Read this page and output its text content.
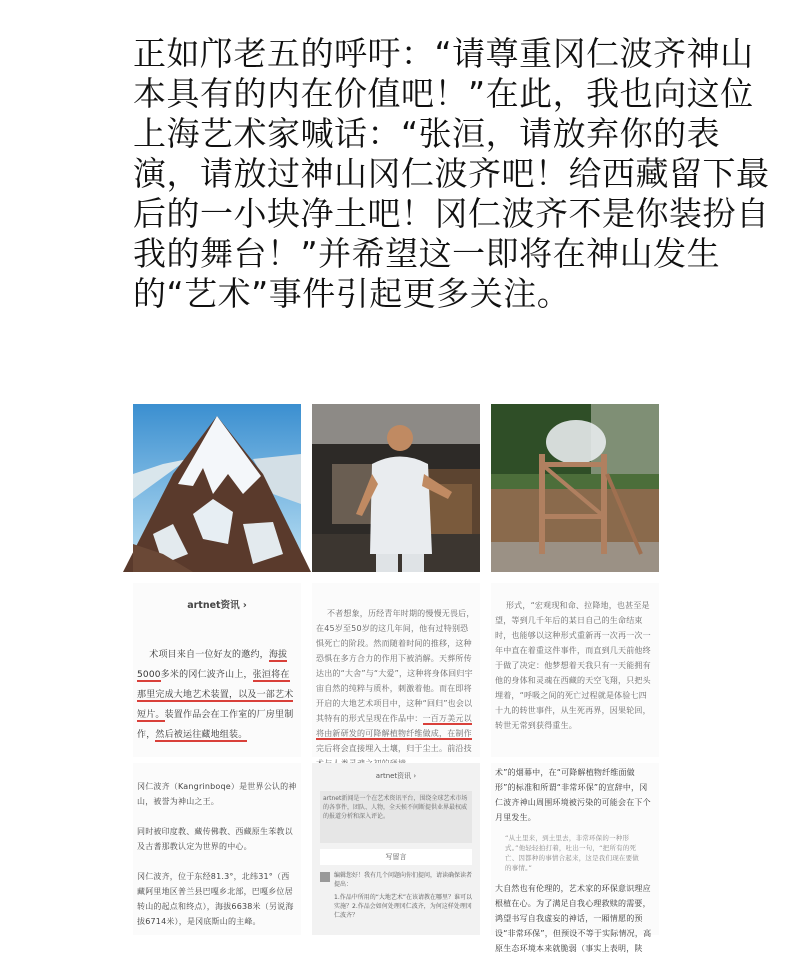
正如邝老五的呼吁：“请尊重冈仁波齐神山本具有的内在价值吧！”在此，我也向这位上海艺术家喊话：“张洹，请放弃你的表演，请放过神山冈仁波齐吧！给西藏留下最后的一小块净土吧！冈仁波齐不是你装扮自我的舞台！”并希望这一即将在神山发生的“艺术”事件引起更多关注。

artnet资讯 ›

术项目来自一位好友的邀约，海拔5000多米的冈仁波齐山上，张洹将在那里完成大地艺术装置，以及一部艺术短片。装置作品会在工作室的厂房里制作，然后被运往藏地组装。

不者想象，历经青年时期的慢慢无畏后，在45岁至50岁的这几年间，他有过特别恐惧死亡的阶段。然而随着时间的推移，这种恐惧在多方合力的作用下被消解。天葬所传达出的“大舍”与“大爱”，这种将身体回归宇宙自然的纯粹与质朴，刺激着他。而在即将开启的大地艺术项目中，这种“回归”也会以其特有的形式呈现在作品中：一百万美元以将由新研发的可降解植物纤维做成，在制作完后将会直接埋入土壤，归于尘土。前沿技

形式，“宏观现和命、拉降地，也甚至是望，等到几千年后的某日自己的生命结束时，也能够以这种形式重新再一次再一次一年中直在着重这件事件，而直到几天前他终于做了决定：他梦想着天我只有一天能拥有他的身体和灵魂在西藏的天空飞翔，只把头埋着，“呼吸之间的死亡过程就是体验七四十九的转世事件，从生死再界，因果轮回，转世无常到获得重生。

冈仁波齐（Kangrinboqe）是世界公认的神山，被誉为神山之王。

同时被印度教、藏传佛教、西藏原生苯教以及古耆那教认定为世界的中心。

冈仁波齐，位于东经81.3°，北纬31°（西藏阿里地区普兰县巴嘎乡北部，巴嘎乡位居转山的起点和终点），海拔6638米（另说海拔6714米），是冈底斯山的主峰。

artnet资讯 ›
artnet新闻是一个在艺术资讯平台，围绕全球艺术市场的各事件，团队、人物，全天候不间断提供业界最权威的报道分析和深入评论。
写留言
编辑您好！我有几个问题向你们提问，请读确保读者提出：
1.作品中所用的“大地艺术”在该请教在哪里？谁可以实施？2.作品会如何处理冈仁波齐，为何这样处理冈仁波齐？

术”的烟幕中，在“可降解植物纤维面做形”的标准和所谓“非常环保”的宣辞中，冈仁波齐神山周围环境被污染的可能会在下个月里发生。

“从土里来，到土里去，非常环保的一种形式。”他轻轻拍打着，吐出一句，“把所有的死亡、因都种的事情合起来，这是我们现在要做的事情。”

大自然也有伦理的，艺术家的环保意识理应根植在心。为了满足自我心理救赎的需要，鸿望书写自我虚妄的神话，一厢情愿的预设“非常环保”，但预设不等于实际情况，高原生态环境本来就脆弱（事实上表明，陕
